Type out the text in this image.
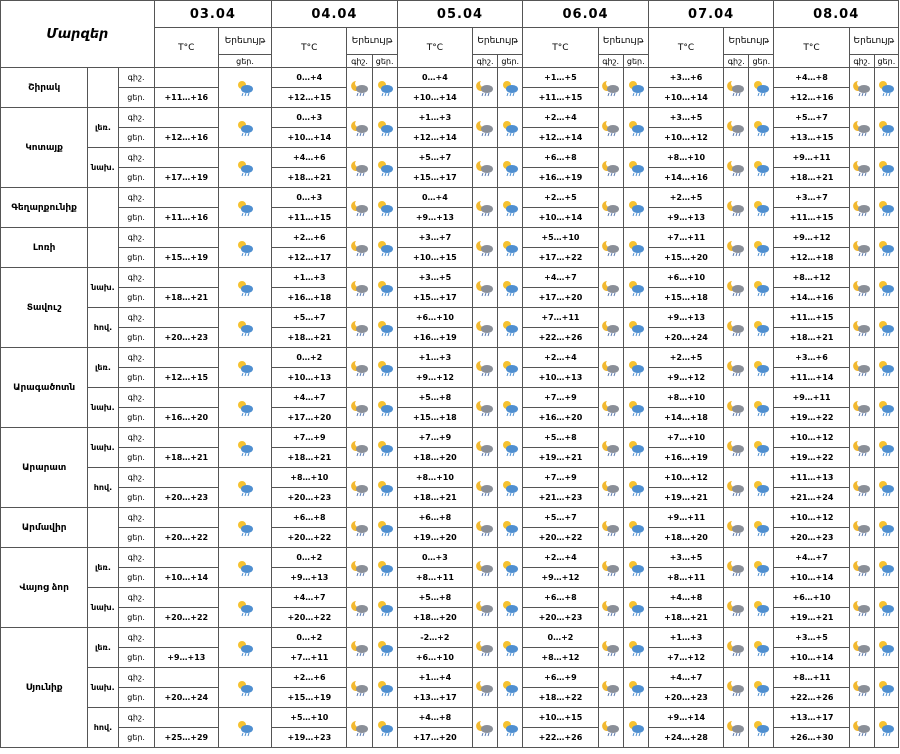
Մարզեր			03.04		04.04			05.04			06.04			07.04			08.04		
			T°C	Երեւույթ	T°C	Երեւույթ		T°C	Երեւույթ		T°C	Երեւույթ		T°C	Երեւույթ		T°C	Երեւույթ	
				ցեր.		գիշ.	ցեր.		գիշ.	ցեր.		գիշ.	ցեր.		գիշ.	ցեր.		գիշ.	ցեր.
Շիրակ		գիշ.			0…+4			0…+4			+1…+5			+3…+6			+4…+8	

		ցեր.	+11…+16		+12…+15			+10…+14			+11…+15			+10…+14			+12…+16		
Կոտայք	լեռ.	գիշ.			0…+3			+1…+3			+2…+4			+3…+5			+5…+7	

		ցեր.	+12…+16		+10…+14			+12…+14			+12…+14			+10…+12			+13…+15		
	նախ.	գիշ.			+4…+6			+5…+7			+6…+8			+8…+10			+9…+11	

		ցեր.	+17…+19		+18…+21			+15…+17			+16…+19			+14…+16			+18…+21		
Գեղարքունիք		գիշ.			0…+3			0…+4			+2…+5			+2…+5			+3…+7	

		ցեր.	+11…+16		+11…+15			+9…+13			+10…+14			+9…+13			+11…+15		
Լոռի		գիշ.			+2…+6			+3…+7			+5…+10			+7…+11			+9…+12	

		ցեր.	+15…+19		+12…+17			+10…+15			+17…+22			+15…+20			+12…+18		
Տավուշ	նախ.	գիշ.			+1…+3			+3…+5			+4…+7			+6…+10			+8…+12	

		ցեր.	+18…+21		+16…+18			+15…+17			+17…+20			+15…+18			+14…+16		
	հով.	գիշ.			+5…+7			+6…+10			+7…+11			+9…+13			+11…+15	

		ցեր.	+20…+23		+18…+21			+16…+19			+22…+26			+20…+24			+18…+21		
Արագածոտն	լեռ.	գիշ.			0…+2			+1…+3			+2…+4			+2…+5			+3…+6	

		ցեր.	+12…+15		+10…+13			+9…+12			+10…+13			+9…+12			+11…+14		
	նախ.	գիշ.			+4…+7			+5…+8			+7…+9			+8…+10			+9…+11	

		ցեր.	+16…+20		+17…+20			+15…+18			+16…+20			+14…+18			+19…+22		
Արարատ	նախ.	գիշ.			+7…+9			+7…+9			+5…+8			+7…+10			+10…+12	

		ցեր.	+18…+21		+18…+21			+18…+20			+19…+21			+16…+19			+19…+22		
	հով.	գիշ.			+8…+10			+8…+10			+7…+9			+10…+12			+11…+13	

		ցեր.	+20…+23		+20…+23			+18…+21			+21…+23			+19…+21			+21…+24		
Արմավիր		գիշ.			+6…+8			+6…+8			+5…+7			+9…+11			+10…+12	

		ցեր.	+20…+22		+20…+22			+19…+20			+20…+22			+18…+20			+20…+23		
Վայոց ձոր	լեռ.	գիշ.			0…+2			0…+3			+2…+4			+3…+5			+4…+7	

		ցեր.	+10…+14		+9…+13			+8…+11			+9…+12			+8…+11			+10…+14		
	նախ.	գիշ.			+4…+7			+5…+8			+6…+8			+4…+8			+6…+10	

		ցեր.	+20…+22		+20…+22			+18…+20			+20…+23			+18…+21			+19…+21		
Սյունիք	լեռ.	գիշ.			0…+2			-2…+2			0…+2			+1…+3			+3…+5	

		ցեր.	+9…+13		+7…+11			+6…+10			+8…+12			+7…+12			+10…+14		
	նախ.	գիշ.			+2…+6			+1…+4			+6…+9			+4…+7			+8…+11	

		ցեր.	+20…+24		+15…+19			+13…+17			+18…+22			+20…+23			+22…+26		
	հով.	գիշ.			+5…+10			+4…+8			+10…+15			+9…+14			+13…+17	

		ցեր.	+25…+29		+19…+23			+17…+20			+22…+26			+24…+28			+26…+30		
